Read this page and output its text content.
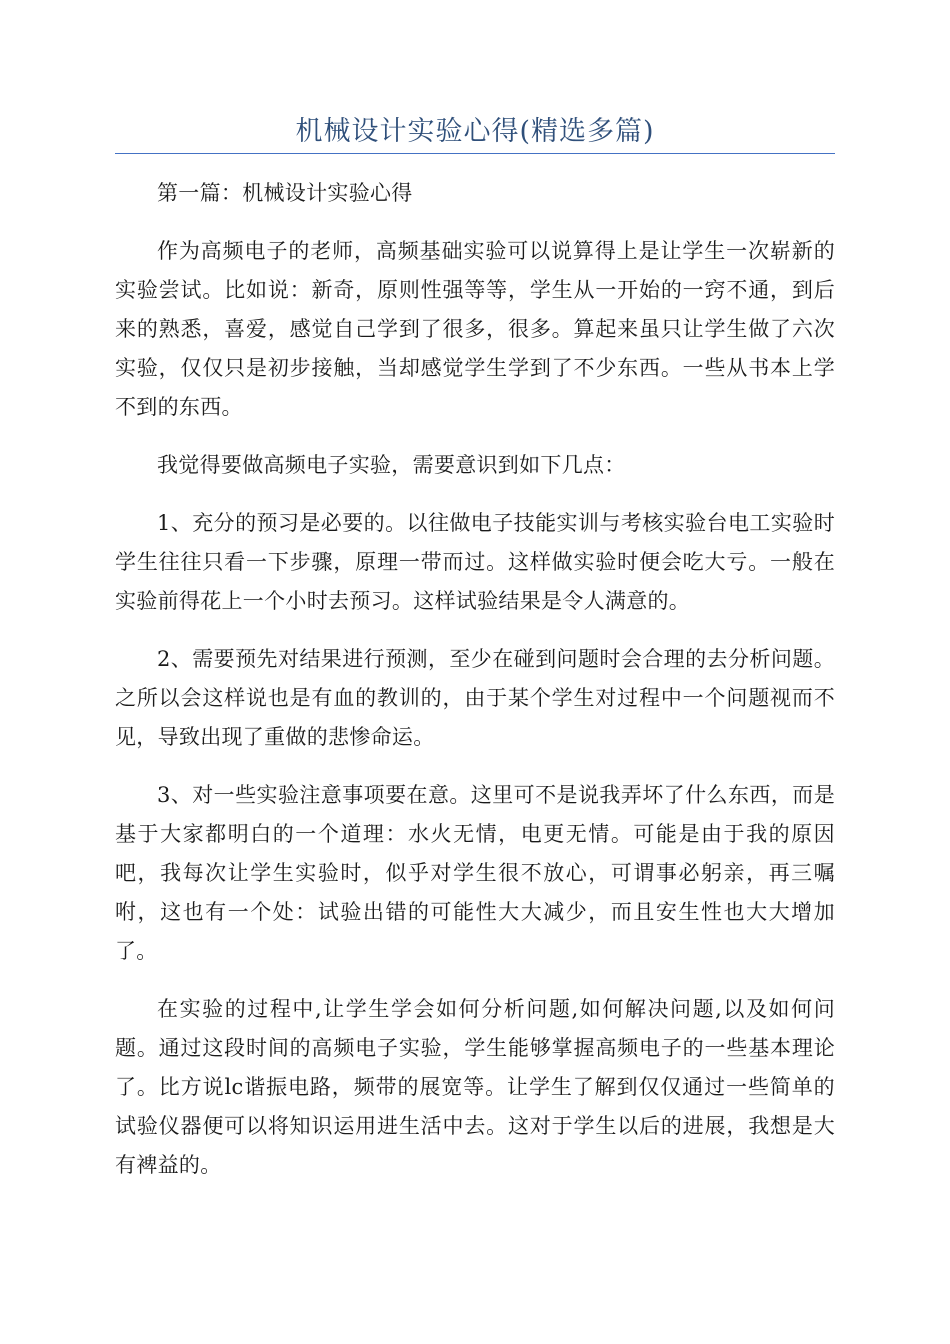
机械设计实验心得(精选多篇)

第一篇：机械设计实验心得

作为高频电子的老师，高频基础实验可以说算得上是让学生一次崭新的实验尝试。比如说：新奇，原则性强等等，学生从一开始的一窍不通，到后来的熟悉，喜爱，感觉自己学到了很多，很多。算起来虽只让学生做了六次实验，仅仅只是初步接触，当却感觉学生学到了不少东西。一些从书本上学不到的东西。

我觉得要做高频电子实验，需要意识到如下几点：

1、充分的预习是必要的。以往做电子技能实训与考核实验台电工实验时学生往往只看一下步骤，原理一带而过。这样做实验时便会吃大亏。一般在实验前得花上一个小时去预习。这样试验结果是令人满意的。

2、需要预先对结果进行预测，至少在碰到问题时会合理的去分析问题。之所以会这样说也是有血的教训的，由于某个学生对过程中一个问题视而不见，导致出现了重做的悲惨命运。

3、对一些实验注意事项要在意。这里可不是说我弄坏了什么东西，而是基于大家都明白的一个道理：水火无情，电更无情。可能是由于我的原因吧，我每次让学生实验时，似乎对学生很不放心，可谓事必躬亲，再三嘱咐，这也有一个处：试验出错的可能性大大减少，而且安生性也大大增加了。

在实验的过程中,让学生学会如何分析问题,如何解决问题,以及如何问题。通过这段时间的高频电子实验，学生能够掌握高频电子的一些基本理论了。比方说lc谐振电路，频带的展宽等。让学生了解到仅仅通过一些简单的试验仪器便可以将知识运用进生活中去。这对于学生以后的进展，我想是大有裨益的。
